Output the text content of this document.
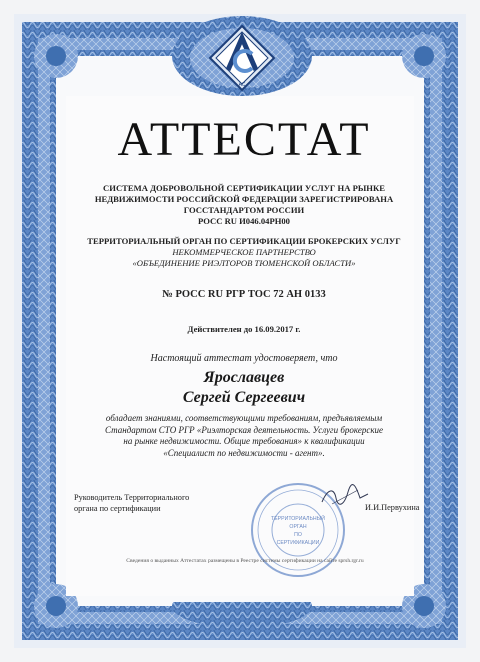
АС
АТТЕСТАТ
СИСТЕМА ДОБРОВОЛЬНОЙ СЕРТИФИКАЦИИ УСЛУГ НА РЫНКЕ
НЕДВИЖИМОСТИ РОССИЙСКОЙ ФЕДЕРАЦИИ ЗАРЕГИСТРИРОВАНА
ГОССТАНДАРТОМ РОССИИ
РОСС RU И046.04РН00
ТЕРРИТОРИАЛЬНЫЙ ОРГАН ПО СЕРТИФИКАЦИИ БРОКЕРСКИХ УСЛУГ
НЕКОММЕРЧЕСКОЕ ПАРТНЕРСТВО
«ОБЪЕДИНЕНИЕ РИЭЛТОРОВ ТЮМЕНСКОЙ ОБЛАСТИ»
№ РОСС RU РГР ТОС 72 АН 0133
Действителен до 16.09.2017 г.
Настоящий аттестат удостоверяет, что
Ярославцев
Сергей Сергеевич
обладает знаниями, соответствующими требованиям, предъявляемым
Стандартом СТО РГР «Риэлторская деятельность. Услуги брокерские
на рынке недвижимости. Общие требования» к квалификации
«Специалист по недвижимости - агент».
ТЕРРИТОРИАЛЬНЫЙ
ОРГАН
ПО
СЕРТИФИКАЦИИ
Руководитель Территориального
органа по сертификации	И.И.Первухина
Сведения о выданных Аттестатах размещены в Реестре системы сертификации на сайте sprsh.rgr.ru
